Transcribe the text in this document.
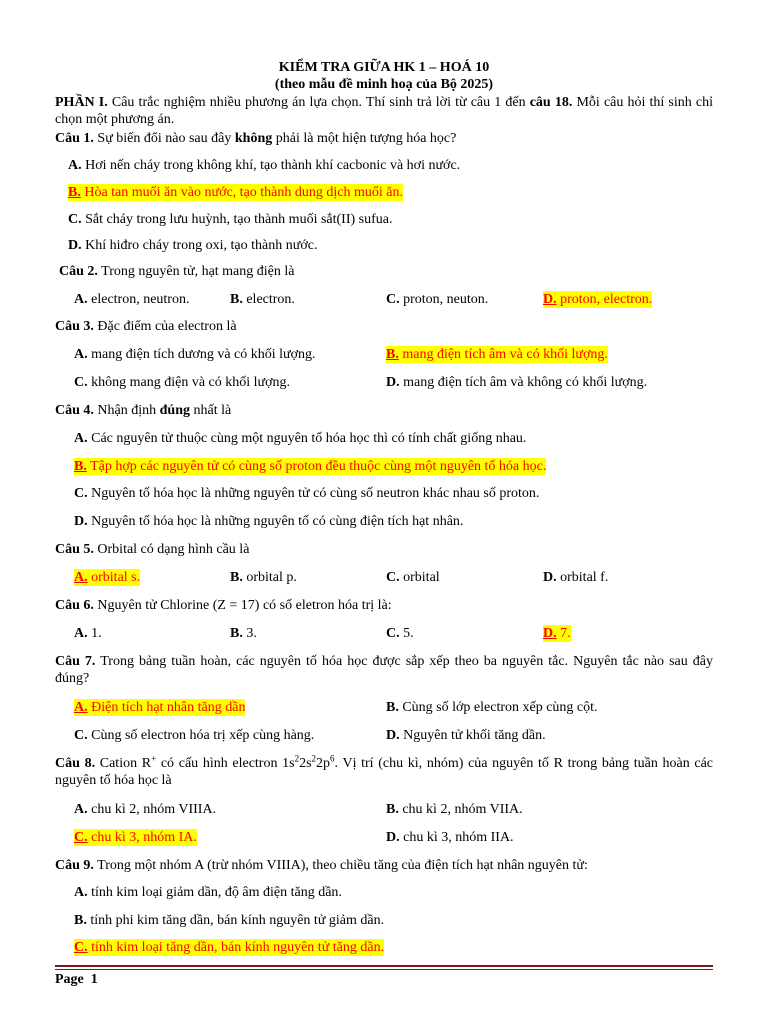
KIỂM TRA GIỮA HK 1 – HOÁ 10
(theo mẫu đề minh hoạ của Bộ 2025)
PHẦN I. Câu trắc nghiệm nhiều phương án lựa chọn. Thí sinh trả lời từ câu 1 đến câu 18. Mỗi câu hỏi thí sinh chỉ chọn một phương án.
Câu 1. Sự biến đổi nào sau đây không phải là một hiện tượng hóa học?
A. Hơi nến cháy trong không khí, tạo thành khí cacbonic và hơi nước.
B. Hòa tan muối ăn vào nước, tạo thành dung dịch muối ăn.
C. Sắt cháy trong lưu huỳnh, tạo thành muối sắt(II) sufua.
D. Khí hiđro cháy trong oxi, tạo thành nước.
Câu 2. Trong nguyên tử, hạt mang điện là
A. electron, neutron.	B. electron.	C. proton, neuton.	D. proton, electron.
Câu 3. Đặc điểm của electron là
A. mang điện tích dương và có khối lượng.	B. mang điện tích âm và có khối lượng.
C. không mang điện và có khối lượng.	D. mang điện tích âm và không có khối lượng.
Câu 4. Nhận định đúng nhất là
A. Các nguyên tử thuộc cùng một nguyên tố hóa học thì có tính chất giống nhau.
B. Tập hợp các nguyên tử có cùng số proton đều thuộc cùng một nguyên tố hóa học.
C. Nguyên tố hóa học là những nguyên tử có cùng số neutron khác nhau số proton.
D. Nguyên tố hóa học là những nguyên tố có cùng điện tích hạt nhân.
Câu 5. Orbital có dạng hình cầu là
A. orbital s.	B. orbital p.	C. orbital	D. orbital f.
Câu 6. Nguyên tử Chlorine (Z = 17) có số eletron hóa trị là:
A. 1.	B. 3.	C. 5.	D. 7.
Câu 7. Trong bảng tuần hoàn, các nguyên tố hóa học được sắp xếp theo ba nguyên tắc. Nguyên tắc nào sau đây đúng?
A. Điện tích hạt nhân tăng dần	B. Cùng số lớp electron xếp cùng cột.
C. Cùng số electron hóa trị xếp cùng hàng.	D. Nguyên tử khối tăng dần.
Câu 8. Cation R+ có cấu hình electron $1s^22s^22p^6$. Vị trí (chu kì, nhóm) của nguyên tố R trong bảng tuần hoàn các nguyên tố hóa học là
A. chu kì 2, nhóm VIIIA.	B. chu kì 2, nhóm VIIA.
C. chu kì 3, nhóm IA.	D. chu kì 3, nhóm IIA.
Câu 9. Trong một nhóm A (trừ nhóm VIIIA), theo chiều tăng của điện tích hạt nhân nguyên tử:
A. tính kim loại giảm dần, độ âm điện tăng dần.
B. tính phi kim tăng dần, bán kính nguyên tử giảm dần.
C. tính kim loại tăng dần, bán kính nguyên tử tăng dần.
Page 1
